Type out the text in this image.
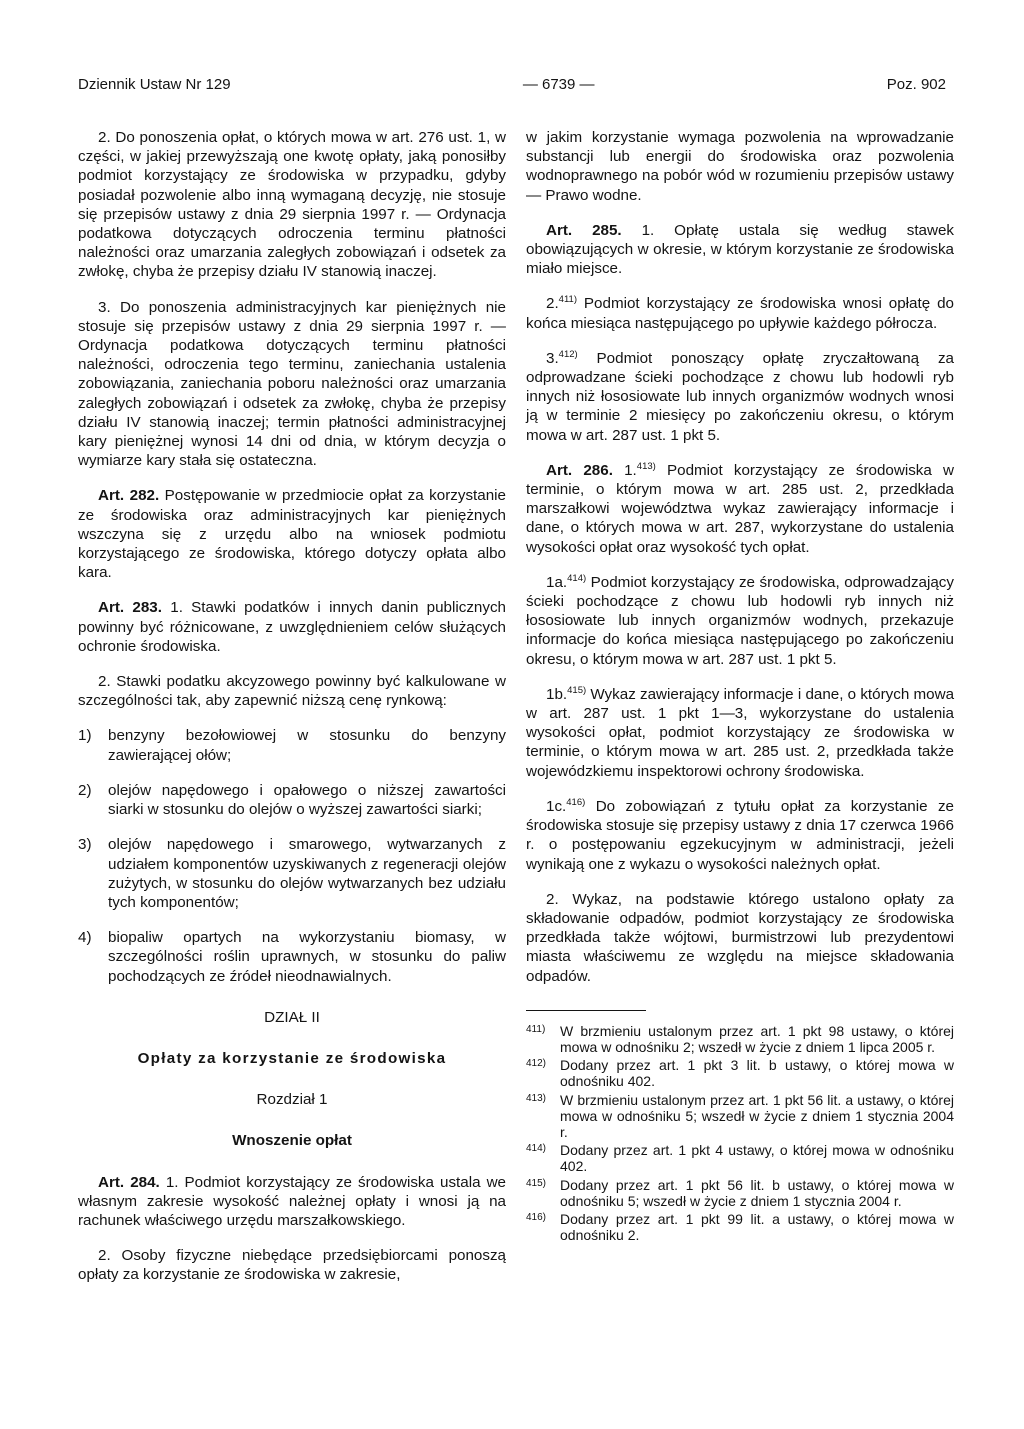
Dziennik Ustaw Nr 129	— 6739 —	Poz. 902

2. Do ponoszenia opłat, o których mowa w art. 276 ust. 1, w części, w jakiej przewyższają one kwotę opłaty, jaką ponosiłby podmiot korzystający ze środowiska w przypadku, gdyby posiadał pozwolenie albo inną wymaganą decyzję, nie stosuje się przepisów ustawy z dnia 29 sierpnia 1997 r. — Ordynacja podatkowa dotyczących odroczenia terminu płatności należności oraz umarzania zaległych zobowiązań i odsetek za zwłokę, chyba że przepisy działu IV stanowią inaczej.

3. Do ponoszenia administracyjnych kar pieniężnych nie stosuje się przepisów ustawy z dnia 29 sierpnia 1997 r. — Ordynacja podatkowa dotyczących terminu płatności należności, odroczenia tego terminu, zaniechania ustalenia zobowiązania, zaniechania poboru należności oraz umarzania zaległych zobowiązań i odsetek za zwłokę, chyba że przepisy działu IV stanowią inaczej; termin płatności administracyjnej kary pieniężnej wynosi 14 dni od dnia, w którym decyzja o wymiarze kary stała się ostateczna.

Art. 282. Postępowanie w przedmiocie opłat za korzystanie ze środowiska oraz administracyjnych kar pieniężnych wszczyna się z urzędu albo na wniosek podmiotu korzystającego ze środowiska, którego dotyczy opłata albo kara.

Art. 283. 1. Stawki podatków i innych danin publicznych powinny być różnicowane, z uwzględnieniem celów służących ochronie środowiska.

2. Stawki podatku akcyzowego powinny być kalkulowane w szczególności tak, aby zapewnić niższą cenę rynkową:

1)	benzyny bezołowiowej w stosunku do benzyny zawierającej ołów;
2)	olejów napędowego i opałowego o niższej zawartości siarki w stosunku do olejów o wyższej zawartości siarki;
3)	olejów napędowego i smarowego, wytwarzanych z udziałem komponentów uzyskiwanych z regeneracji olejów zużytych, w stosunku do olejów wytwarzanych bez udziału tych komponentów;
4)	biopaliw opartych na wykorzystaniu biomasy, w szczególności roślin uprawnych, w stosunku do paliw pochodzących ze źródeł nieodnawialnych.

DZIAŁ II

Opłaty za korzystanie ze środowiska

Rozdział 1

Wnoszenie opłat

Art. 284. 1. Podmiot korzystający ze środowiska ustala we własnym zakresie wysokość należnej opłaty i wnosi ją na rachunek właściwego urzędu marszałkowskiego.

2. Osoby fizyczne niebędące przedsiębiorcami ponoszą opłaty za korzystanie ze środowiska w zakresie,

w jakim korzystanie wymaga pozwolenia na wprowadzanie substancji lub energii do środowiska oraz pozwolenia wodnoprawnego na pobór wód w rozumieniu przepisów ustawy — Prawo wodne.

Art. 285. 1. Opłatę ustala się według stawek obowiązujących w okresie, w którym korzystanie ze środowiska miało miejsce.

2.$^{411)}$ Podmiot korzystający ze środowiska wnosi opłatę do końca miesiąca następującego po upływie każdego półrocza.

3.$^{412)}$ Podmiot ponoszący opłatę zryczałtowaną za odprowadzane ścieki pochodzące z chowu lub hodowli ryb innych niż łososiowate lub innych organizmów wodnych wnosi ją w terminie 2 miesięcy po zakończeniu okresu, o którym mowa w art. 287 ust. 1 pkt 5.

Art. 286. 1.$^{413)}$ Podmiot korzystający ze środowiska w terminie, o którym mowa w art. 285 ust. 2, przedkłada marszałkowi województwa wykaz zawierający informacje i dane, o których mowa w art. 287, wykorzystane do ustalenia wysokości opłat oraz wysokość tych opłat.

1a.$^{414)}$ Podmiot korzystający ze środowiska, odprowadzający ścieki pochodzące z chowu lub hodowli ryb innych niż łososiowate lub innych organizmów wodnych, przekazuje informacje do końca miesiąca następującego po zakończeniu okresu, o którym mowa w art. 287 ust. 1 pkt 5.

1b.$^{415)}$ Wykaz zawierający informacje i dane, o których mowa w art. 287 ust. 1 pkt 1—3, wykorzystane do ustalenia wysokości opłat, podmiot korzystający ze środowiska w terminie, o którym mowa w art. 285 ust. 2, przedkłada także wojewódzkiemu inspektorowi ochrony środowiska.

1c.$^{416)}$ Do zobowiązań z tytułu opłat za korzystanie ze środowiska stosuje się przepisy ustawy z dnia 17 czerwca 1966 r. o postępowaniu egzekucyjnym w administracji, jeżeli wynikają one z wykazu o wysokości należnych opłat.

2. Wykaz, na podstawie którego ustalono opłaty za składowanie odpadów, podmiot korzystający ze środowiska przedkłada także wójtowi, burmistrzowi lub prezydentowi miasta właściwemu ze względu na miejsce składowania odpadów.

411)	W brzmieniu ustalonym przez art. 1 pkt 98 ustawy, o której mowa w odnośniku 2; wszedł w życie z dniem 1 lipca 2005 r.
412) Dodany przez art. 1 pkt 3 lit. b ustawy, o której mowa w odnośniku 402.
413) W brzmieniu ustalonym przez art. 1 pkt 56 lit. a ustawy, o której mowa w odnośniku 5; wszedł w życie z dniem 1 stycznia 2004 r.
414) Dodany przez art. 1 pkt 4 ustawy, o której mowa w odnośniku 402.
415) Dodany przez art. 1 pkt 56 lit. b ustawy, o której mowa w odnośniku 5; wszedł w życie z dniem 1 stycznia 2004 r.
416) Dodany przez art. 1 pkt 99 lit. a ustawy, o której mowa w odnośniku 2.
